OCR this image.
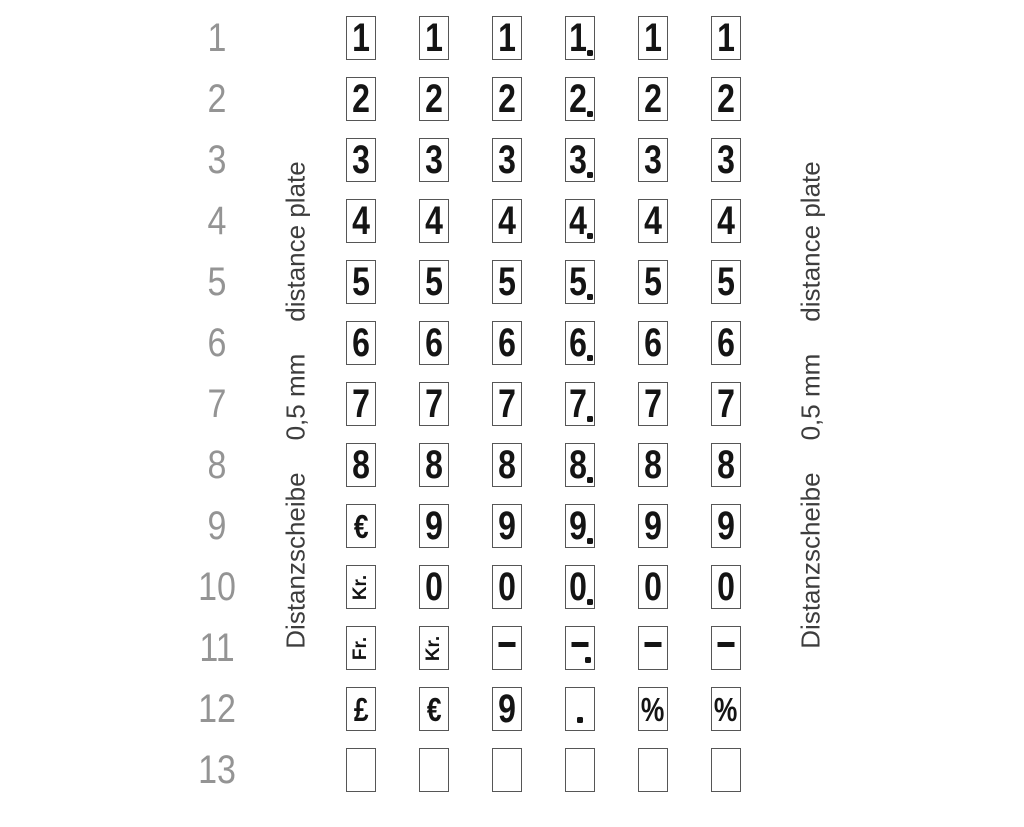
1
2
3
4
5
6
7
8
9
10
11
12
13
Distanzscheibe
0,5 mm
distance plate
1 1 1 1 1 1
2 2 2 2 2 2
3 3 3 3 3 3
4 4 4 4 4 4
5 5 5 5 5 5
6 6 6 6 6 6
7 7 7 7 7 7
8 8 8 8 8 8
€ 9 9 9 9 9
Kr. 0 0 0 0 0
Fr.	Kr.
£ € 9	% %
Distanzscheibe
0,5 mm
distance plate
